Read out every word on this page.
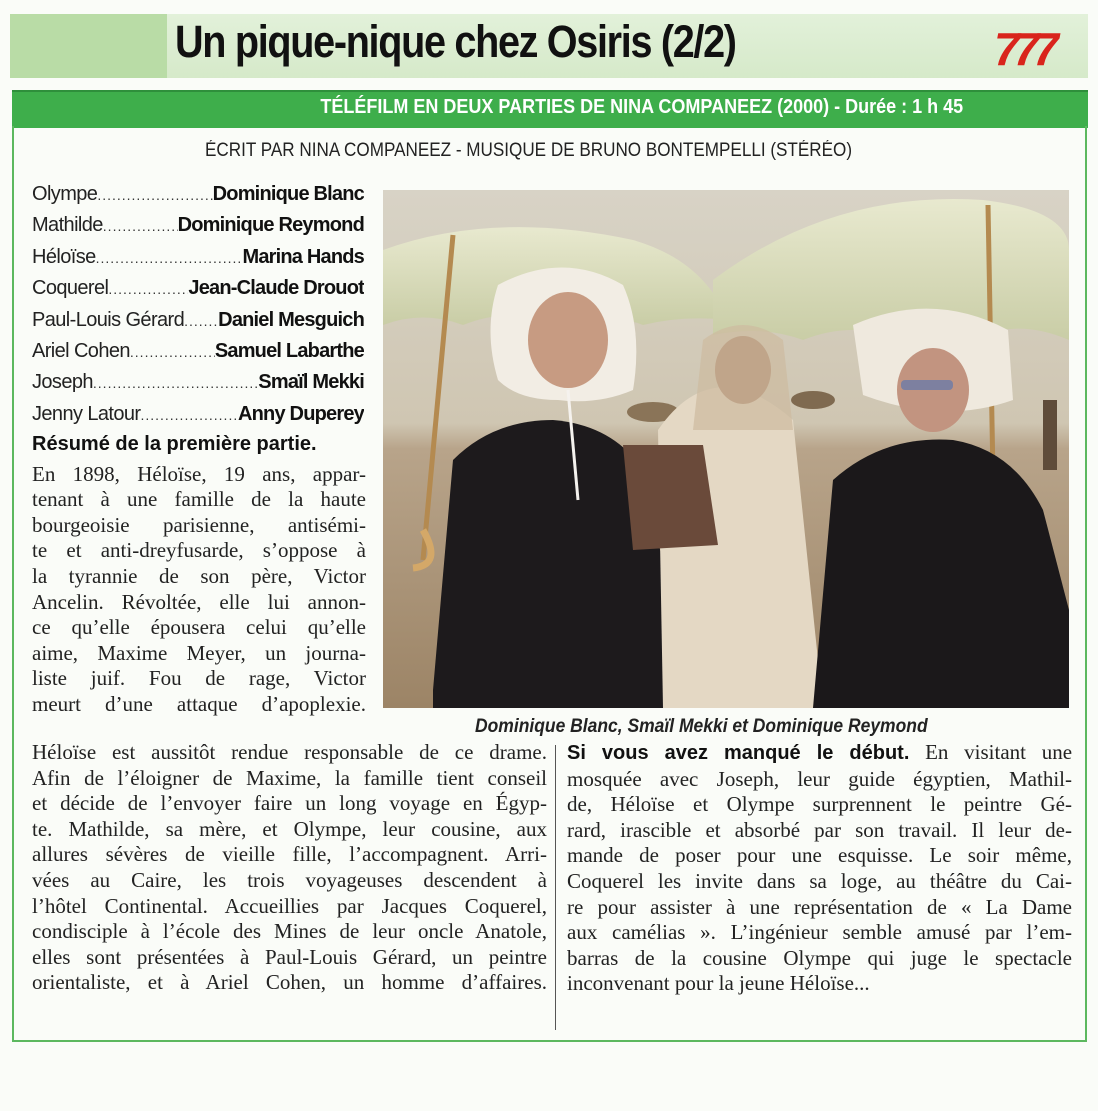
Un pique-nique chez Osiris (2/2)	777
TÉLÉFILM EN DEUX PARTIES DE NINA COMPANEEZ (2000) - Durée : 1 h 45
ÉCRIT PAR NINA COMPANEEZ - MUSIQUE DE BRUNO BONTEMPELLI (STÉRÉO)
Olympe .....	Dominique Blanc
Mathilde .....	Dominique Reymond
Héloïse .....	Marina Hands
Coquerel .....	Jean-Claude Drouot
Paul-Louis Gérard ..... Daniel Mesguich
Ariel Cohen .....	Samuel Labarthe
Joseph .....	Smaïl Mekki
Jenny Latour .....	Anny Duperey
Dominique Blanc, Smaïl Mekki et Dominique Reymond
Résumé de la première partie.
En 1898, Héloïse, 19 ans, appar-
tenant à une famille de la haute
bourgeoisie parisienne, antisémi-
te et anti-dreyfusarde, s’oppose à
la tyrannie de son père, Victor
Ancelin. Révoltée, elle lui annon-
ce qu’elle épousera celui qu’elle
aime, Maxime Meyer, un journa-
liste juif. Fou de rage, Victor
meurt d’une attaque d’apoplexie.
Héloïse est aussitôt rendue responsable de ce drame.
Afin de l’éloigner de Maxime, la famille tient conseil
et décide de l’envoyer faire un long voyage en Égyp-
te. Mathilde, sa mère, et Olympe, leur cousine, aux
allures sévères de vieille fille, l’accompagnent. Arri-
vées au Caire, les trois voyageuses descendent à
l’hôtel Continental. Accueillies par Jacques Coquerel,
condisciple à l’école des Mines de leur oncle Anatole,
elles sont présentées à Paul-Louis Gérard, un peintre
orientaliste, et à Ariel Cohen, un homme d’affaires.
Si vous avez manqué le début. En visitant une
mosquée avec Joseph, leur guide égyptien, Mathil-
de, Héloïse et Olympe surprennent le peintre Gé-
rard, irascible et absorbé par son travail. Il leur de-
mande de poser pour une esquisse. Le soir même,
Coquerel les invite dans sa loge, au théâtre du Cai-
re pour assister à une représentation de « La Dame
aux camélias ». L’ingénieur semble amusé par l’em-
barras de la cousine Olympe qui juge le spectacle
inconvenant pour la jeune Héloïse...
